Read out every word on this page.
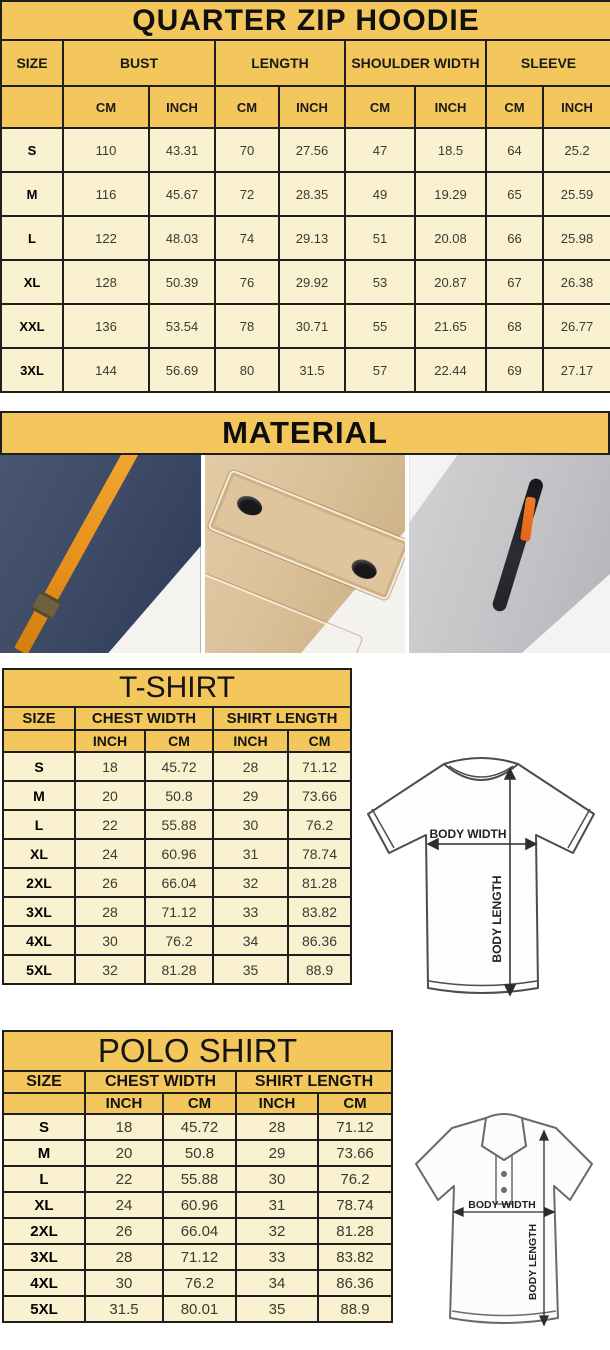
QUARTER ZIP HOODIE								
SIZE	BUST		LENGTH		SHOULDER WIDTH		SLEEVE	
	CM	INCH	CM	INCH	CM	INCH	CM	INCH
S	110	43.31	70	27.56	47	18.5	64	25.2
M	116	45.67	72	28.35	49	19.29	65	25.59
L	122	48.03	74	29.13	51	20.08	66	25.98
XL	128	50.39	76	29.92	53	20.87	67	26.38
XXL	136	53.54	78	30.71	55	21.65	68	26.77
3XL	144	56.69	80	31.5	57	22.44	69	27.17
MATERIAL
T-SHIRT				
SIZE	CHEST WIDTH		SHIRT LENGTH	
	INCH	CM	INCH	CM
S	18	45.72	28	71.12
M	20	50.8	29	73.66
L	22	55.88	30	76.2
XL	24	60.96	31	78.74
2XL	26	66.04	32	81.28
3XL	28	71.12	33	83.82
4XL	30	76.2	34	86.36
5XL	32	81.28	35	88.9
BODY WIDTH
BODY LENGTH
POLO SHIRT				
SIZE	CHEST WIDTH		SHIRT LENGTH	
	INCH	CM	INCH	CM
S	18	45.72	28	71.12
M	20	50.8	29	73.66
L	22	55.88	30	76.2
XL	24	60.96	31	78.74
2XL	26	66.04	32	81.28
3XL	28	71.12	33	83.82
4XL	30	76.2	34	86.36
5XL	31.5	80.01	35	88.9
BODY WIDTH
BODY LENGTH
